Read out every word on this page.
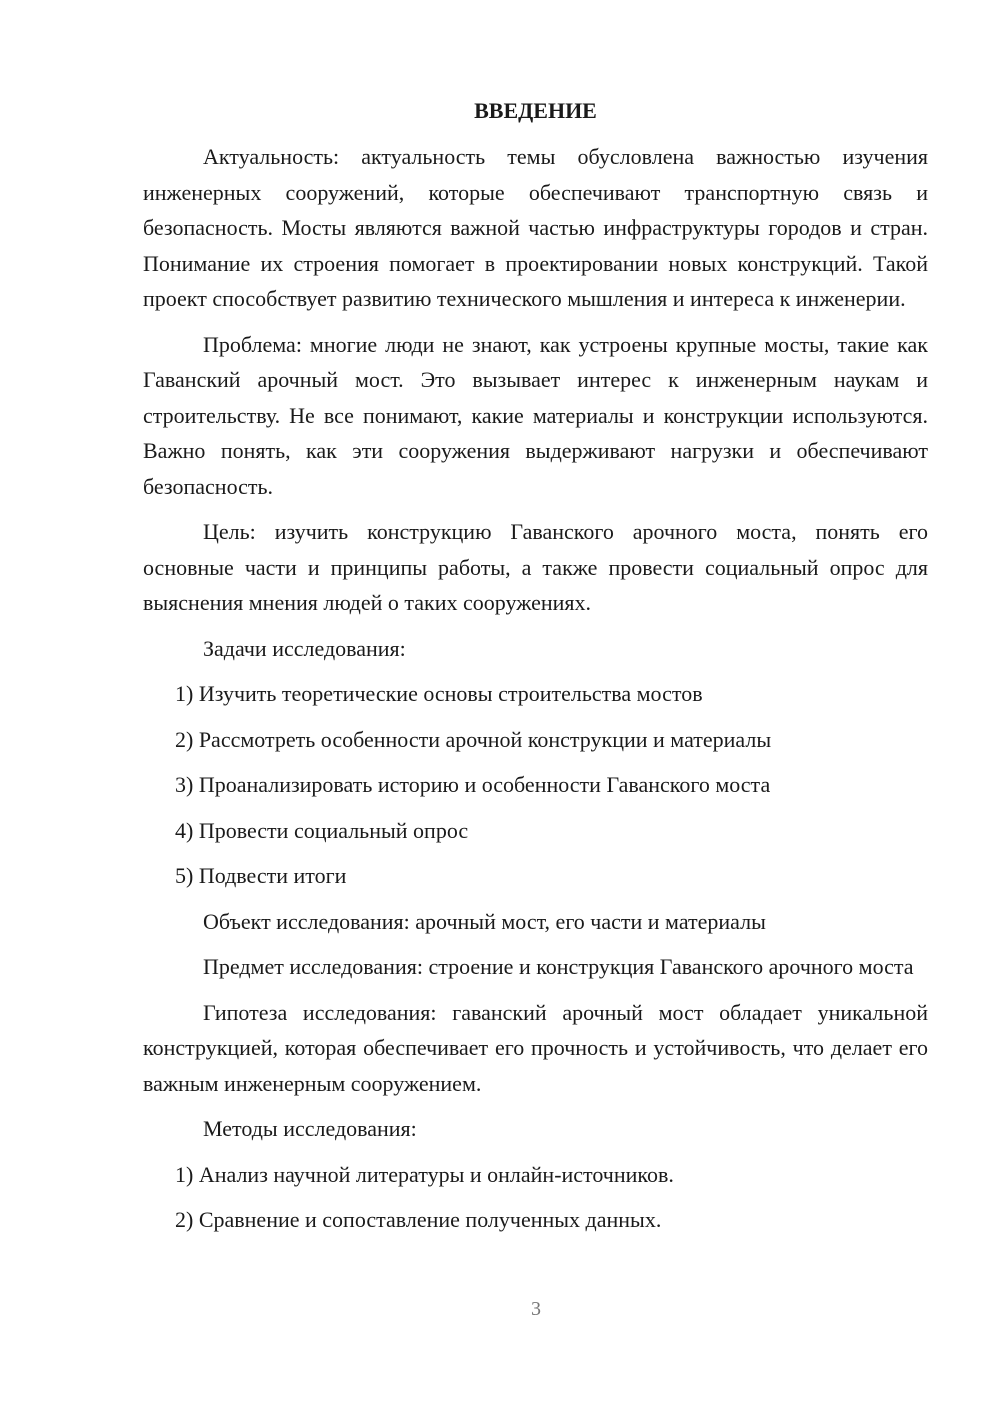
ВВЕДЕНИЕ

Актуальность: актуальность темы обусловлена важностью изучения инженерных сооружений, которые обеспечивают транспортную связь и безопасность. Мосты являются важной частью инфраструктуры городов и стран. Понимание их строения помогает в проектировании новых конструкций. Такой проект способствует развитию технического мышления и интереса к инженерии.

Проблема: многие люди не знают, как устроены крупные мосты, такие как Гаванский арочный мост. Это вызывает интерес к инженерным наукам и строительству. Не все понимают, какие материалы и конструкции используются. Важно понять, как эти сооружения выдерживают нагрузки и обеспечивают безопасность.

Цель: изучить конструкцию Гаванского арочного моста, понять его основные части и принципы работы, а также провести социальный опрос для выяснения мнения людей о таких сооружениях.

Задачи исследования:
1) Изучить теоретические основы строительства мостов
2) Рассмотреть особенности арочной конструкции и материалы
3) Проанализировать историю и особенности Гаванского моста
4) Провести социальный опрос
5) Подвести итоги
Объект исследования: арочный мост, его части и материалы

Предмет исследования: строение и конструкция Гаванского арочного моста

Гипотеза исследования: гаванский арочный мост обладает уникальной конструкцией, которая обеспечивает его прочность и устойчивость, что делает его важным инженерным сооружением.

Методы исследования:
1) Анализ научной литературы и онлайн-источников.
2) Сравнение и сопоставление полученных данных.
3
